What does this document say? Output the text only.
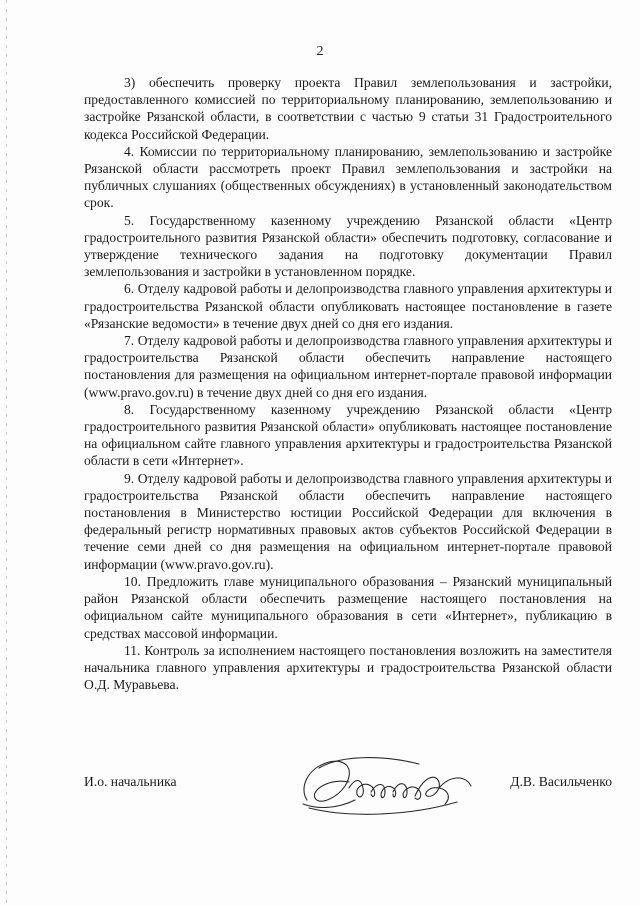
2

3) обеспечить проверку проекта Правил землепользования и застройки, предоставленного комиссией по территориальному планированию, землепользованию и застройке Рязанской области, в соответствии с частью 9 статьи 31 Градостроительного кодекса Российской Федерации.

4. Комиссии по территориальному планированию, землепользованию и застройке Рязанской области рассмотреть проект Правил землепользования и застройки на публичных слушаниях (общественных обсуждениях) в установленный законодательством срок.

5. Государственному казенному учреждению Рязанской области «Центр градостроительного развития Рязанской области» обеспечить подготовку, согласование и утверждение технического задания на подготовку документации Правил землепользования и застройки в установленном порядке.

6. Отделу кадровой работы и делопроизводства главного управления архитектуры и градостроительства Рязанской области опубликовать настоящее постановление в газете «Рязанские ведомости» в течение двух дней со дня его издания.

7. Отделу кадровой работы и делопроизводства главного управления архитектуры и градостроительства Рязанской области обеспечить направление настоящего постановления для размещения на официальном интернет-портале правовой информации (www.pravo.gov.ru) в течение двух дней со дня его издания.

8. Государственному казенному учреждению Рязанской области «Центр градостроительного развития Рязанской области» опубликовать настоящее постановление на официальном сайте главного управления архитектуры и градостроительства Рязанской области в сети «Интернет».

9. Отделу кадровой работы и делопроизводства главного управления архитектуры и градостроительства Рязанской области обеспечить направление настоящего постановления в Министерство юстиции Российской Федерации для включения в федеральный регистр нормативных правовых актов субъектов Российской Федерации в течение семи дней со дня размещения на официальном интернет-портале правовой информации (www.pravo.gov.ru).

10. Предложить главе муниципального образования – Рязанский муниципальный район Рязанской области обеспечить размещение настоящего постановления на официальном сайте муниципального образования в сети «Интернет», публикацию в средствах массовой информации.

11. Контроль за исполнением настоящего постановления возложить на заместителя начальника главного управления архитектуры и градостроительства Рязанской области О.Д. Муравьева.

И.о. начальника	Д.В. Васильченко
